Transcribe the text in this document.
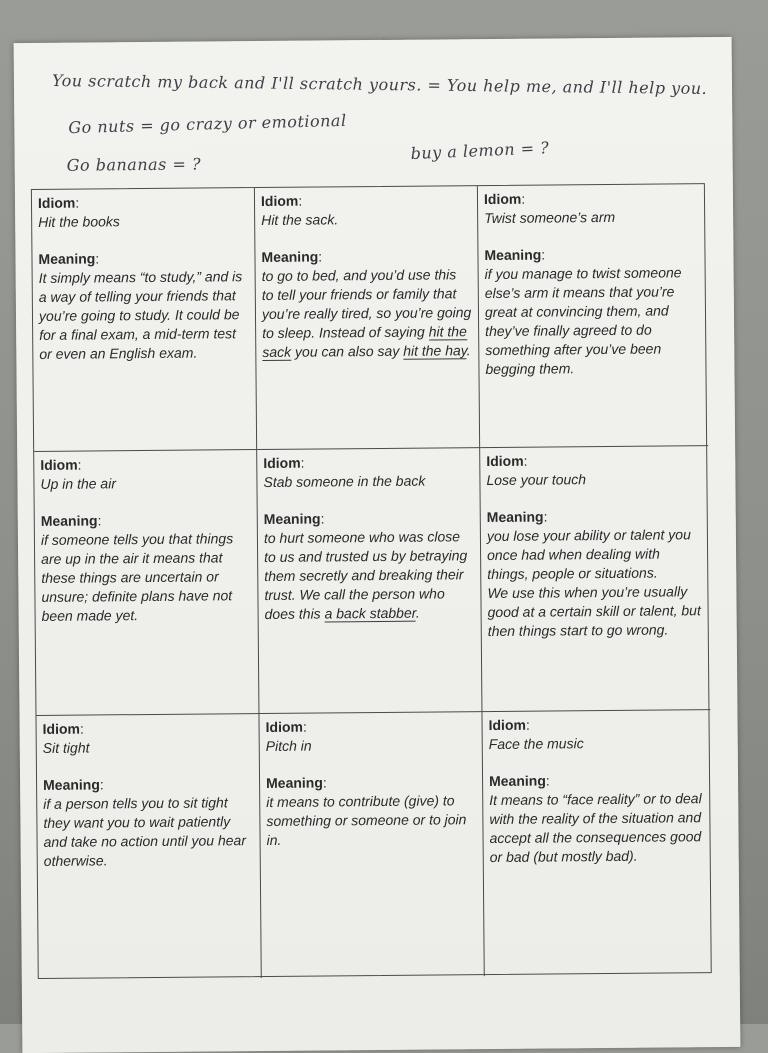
You scratch my back and I'll scratch yours. = You help me, and I'll help you.
Go nuts = go crazy or emotional
Go bananas = ?
buy a lemon = ?
Idiom :
Hit the books
Meaning :
It simply means “to study,” and is a way of telling your friends that you’re going to study. It could be for a final exam, a mid-term test or even an English exam.
Idiom :
Hit the sack.
Meaning :
to go to bed, and you’d use this to tell your friends or family that you’re really tired, so you’re going to sleep. Instead of saying hit the sack you can also say hit the hay.
Idiom :
Twist someone’s arm
Meaning :
if you manage to twist someone else’s arm it means that you’re great at convincing them, and they’ve finally agreed to do something after you’ve been begging them.
Idiom :
Up in the air
Meaning :
if someone tells you that things are up in the air it means that these things are uncertain or unsure; definite plans have not been made yet.
Idiom :
Stab someone in the back
Meaning :
to hurt someone who was close to us and trusted us by betraying them secretly and breaking their trust. We call the person who does this a back stabber.
Idiom :
Lose your touch
Meaning :
you lose your ability or talent you once had when dealing with things, people or situations.
We use this when you’re usually good at a certain skill or talent, but then things start to go wrong.
Idiom :
Sit tight
Meaning :
if a person tells you to sit tight they want you to wait patiently and take no action until you hear otherwise.
Idiom :
Pitch in
Meaning :
it means to contribute (give) to something or someone or to join in.
Idiom :
Face the music
Meaning :
It means to “face reality” or to deal with the reality of the situation and accept all the consequences good or bad (but mostly bad).
